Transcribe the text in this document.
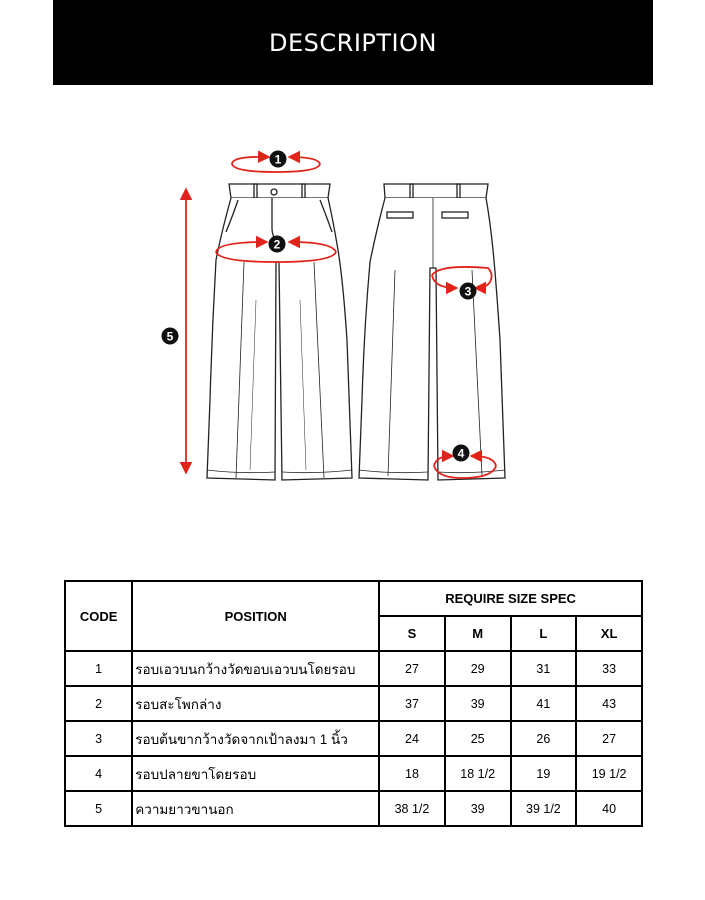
DESCRIPTION
1
2
3
4
5
CODE	POSITION	REQUIRE SIZE SPEC			
		S	M	L	XL
1	รอบเอวบนกว้างวัดขอบเอวบนโดยรอบ	27	29	31	33
2	รอบสะโพกล่าง	37	39	41	43
3	รอบต้นขากว้างวัดจากเป้าลงมา 1 นิ้ว	24	25	26	27
4	รอบปลายขาโดยรอบ	18	18 1/2	19	19 1/2
5	ความยาวขานอก	38 1/2	39	39 1/2	40
